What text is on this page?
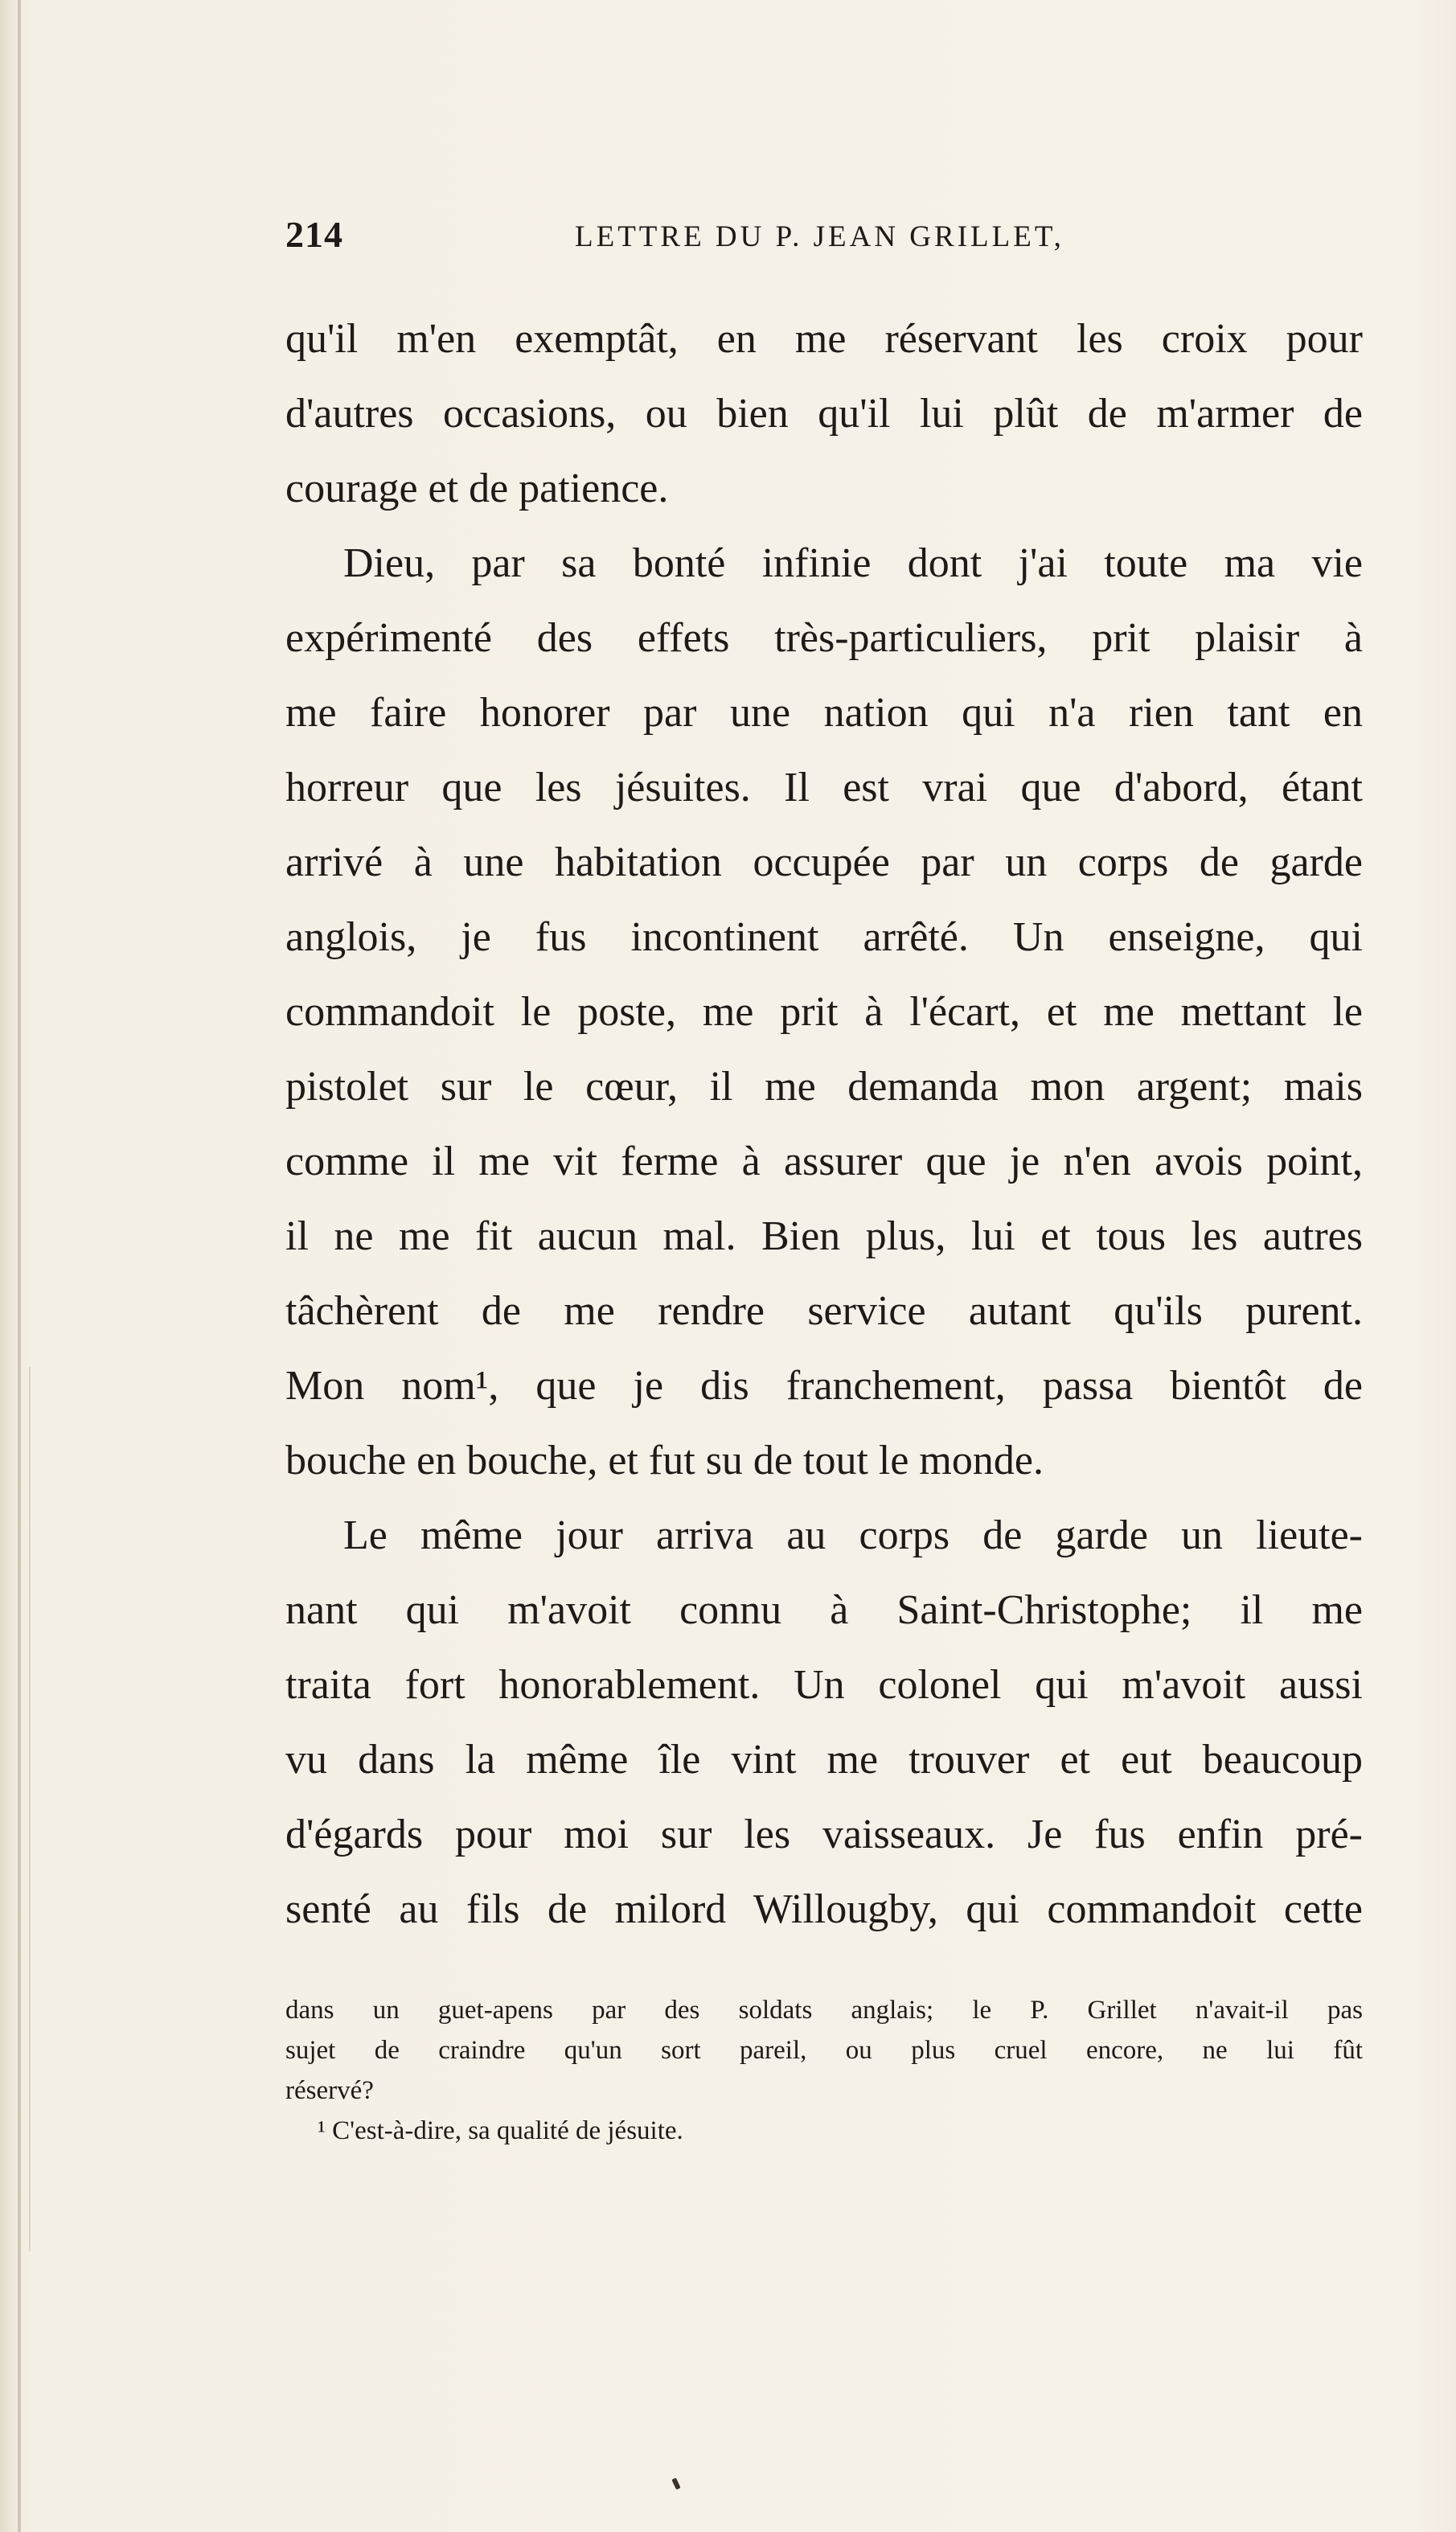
214	LETTRE DU P. JEAN GRILLET,
qu'il m'en exemptât, en me réservant les croix pour
d'autres occasions, ou bien qu'il lui plût de m'armer de
courage et de patience.
Dieu, par sa bonté infinie dont j'ai toute ma vie
expérimenté des effets très-particuliers, prit plaisir à
me faire honorer par une nation qui n'a rien tant en
horreur que les jésuites. Il est vrai que d'abord, étant
arrivé à une habitation occupée par un corps de garde
anglois, je fus incontinent arrêté. Un enseigne, qui
commandoit le poste, me prit à l'écart, et me mettant le
pistolet sur le cœur, il me demanda mon argent; mais
comme il me vit ferme à assurer que je n'en avois point,
il ne me fit aucun mal. Bien plus, lui et tous les autres
tâchèrent de me rendre service autant qu'ils purent.
Mon nom¹, que je dis franchement, passa bientôt de
bouche en bouche, et fut su de tout le monde.
Le même jour arriva au corps de garde un lieute-
nant qui m'avoit connu à Saint-Christophe; il me
traita fort honorablement. Un colonel qui m'avoit aussi
vu dans la même île vint me trouver et eut beaucoup
d'égards pour moi sur les vaisseaux. Je fus enfin pré-
senté au fils de milord Willougby, qui commandoit cette
dans un guet-apens par des soldats anglais; le P. Grillet n'avait-il pas
sujet de craindre qu'un sort pareil, ou plus cruel encore, ne lui fût
réservé?
¹ C'est-à-dire, sa qualité de jésuite.
